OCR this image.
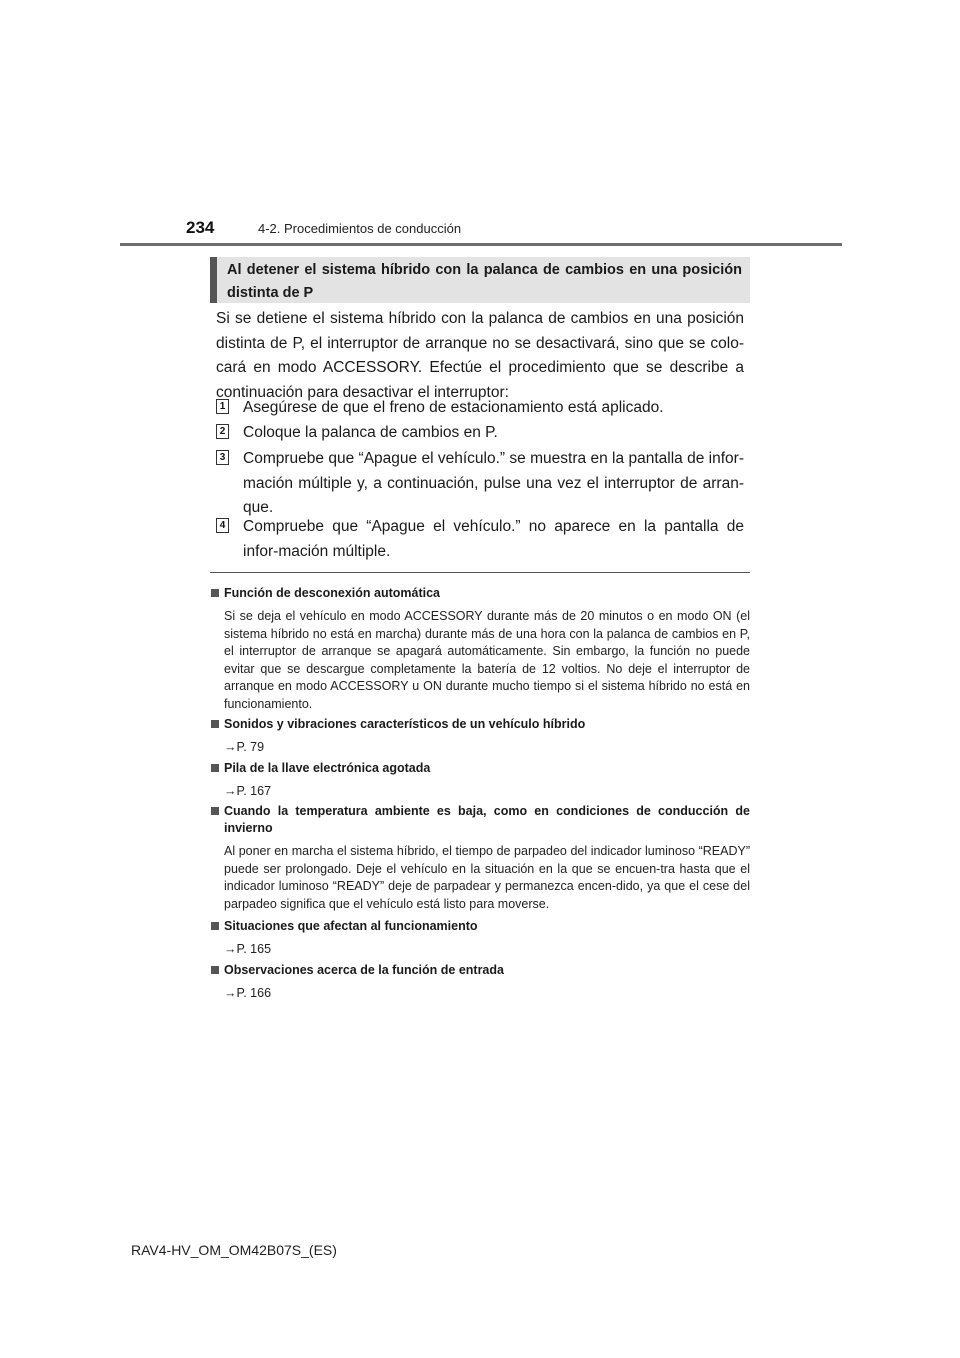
234	4-2. Procedimientos de conducción
Al detener el sistema híbrido con la palanca de cambios en una posición distinta de P
Si se detiene el sistema híbrido con la palanca de cambios en una posición distinta de P, el interruptor de arranque no se desactivará, sino que se colo-cará en modo ACCESSORY. Efectúe el procedimiento que se describe a continuación para desactivar el interruptor:
1 Asegúrese de que el freno de estacionamiento está aplicado.
2 Coloque la palanca de cambios en P.
3 Compruebe que “Apague el vehículo.” se muestra en la pantalla de infor-mación múltiple y, a continuación, pulse una vez el interruptor de arran-que.
4 Compruebe que “Apague el vehículo.” no aparece en la pantalla de infor-mación múltiple.
Función de desconexión automática
Si se deja el vehículo en modo ACCESSORY durante más de 20 minutos o en modo ON (el sistema híbrido no está en marcha) durante más de una hora con la palanca de cambios en P, el interruptor de arranque se apagará automáticamente. Sin embargo, la función no puede evitar que se descargue completamente la batería de 12 voltios. No deje el interruptor de arranque en modo ACCESSORY u ON durante mucho tiempo si el sistema híbrido no está en funcionamiento.
Sonidos y vibraciones característicos de un vehículo híbrido
→P. 79
Pila de la llave electrónica agotada
→P. 167
Cuando la temperatura ambiente es baja, como en condiciones de conducción de invierno
Al poner en marcha el sistema híbrido, el tiempo de parpadeo del indicador luminoso “READY” puede ser prolongado. Deje el vehículo en la situación en la que se encuen-tra hasta que el indicador luminoso “READY” deje de parpadear y permanezca encen-dido, ya que el cese del parpadeo significa que el vehículo está listo para moverse.
Situaciones que afectan al funcionamiento
→P. 165
Observaciones acerca de la función de entrada
→P. 166
RAV4-HV_OM_OM42B07S_(ES)
